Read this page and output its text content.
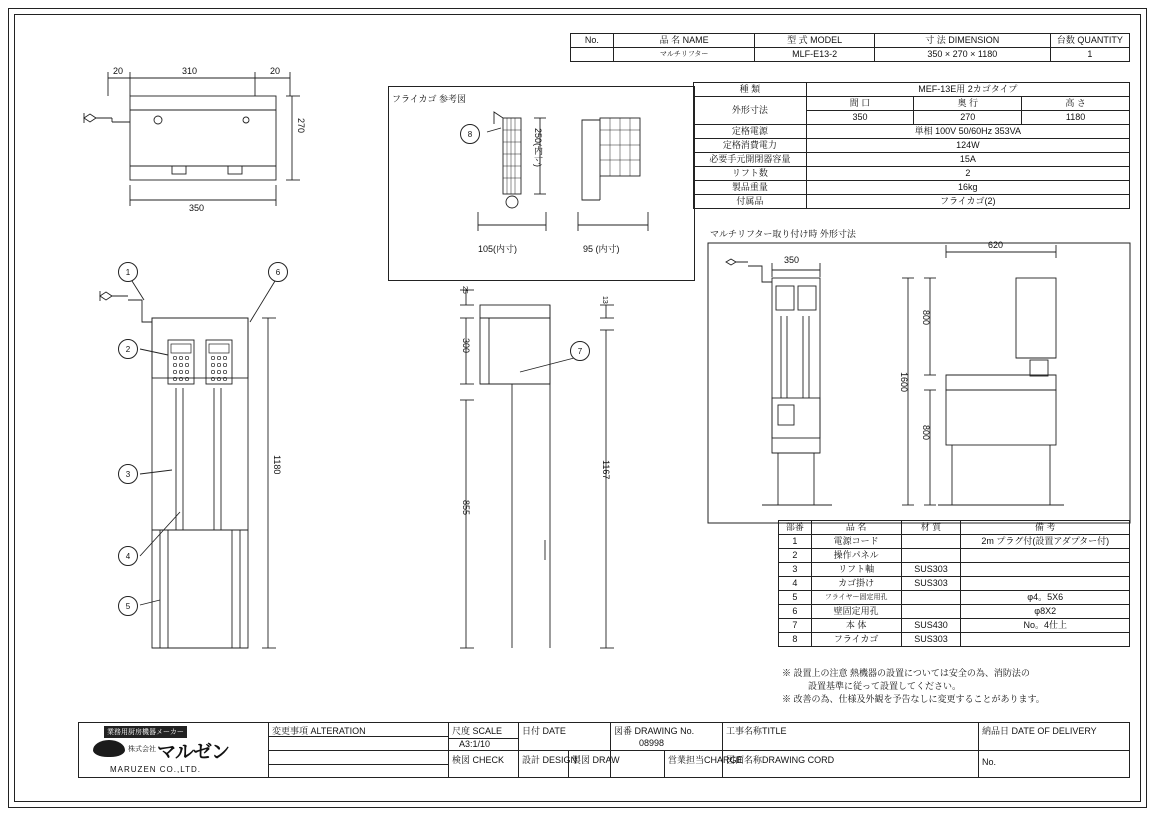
No.	品 名 NAME	型 式 MODEL	寸 法 DIMENSION	台数 QUANTITY
	マルチリフター	MLF-E13-2	350 × 270 × 1180	1
種 類	MEF-13E用 2カゴタイプ		
外形寸法	間 口	奥 行	高 さ
	350	270	1180
定格電源	単相 100V 50/60Hz 353VA		
定格消費電力	124W		
必要手元開閉器容量	15A		
リフト数	2		
製品重量	16kg		
付属品	フライカゴ(2)		
部番	品 名	材 質	備 考
1	電源コード		2m プラグ付(設置アダプター付)
2	操作パネル		
3	リフト軸	SUS303	
4	カゴ掛け	SUS303	
5	フライヤー固定用孔		φ4。5X6
6	壁固定用孔		φ8X2
7	本 体	SUS430	No。4仕上
8	フライカゴ	SUS303	
※ 設置上の注意 熱機器の設置については安全の為、消防法の
設置基準に従って設置してください。
※ 改善の為、仕様及外観を予告なしに変更することがあります。
フライカゴ 参考図
20	310	20
270
350
1180
25
300
855
13
1167
105(内寸)	95 (内寸)
250(内寸)
マルチリフター取り付け時 外形寸法
350
620
800
1600
800
1
2
3
4
5
6
7
8
業務用厨房機器メーカー
株式会社 マルゼン
MARUZEN CO.,LTD.
変更事項 ALTERATION	尺度 SCALE
A3:1/10
日付 DATE	図番 DRAWING No.
08998
工事名称TITLE	納品日 DATE OF DELIVERY
検図 CHECK 設計 DESIGN
製図 DRAW	営業担当CHARGE
図面名称DRAWING CORD	No.
